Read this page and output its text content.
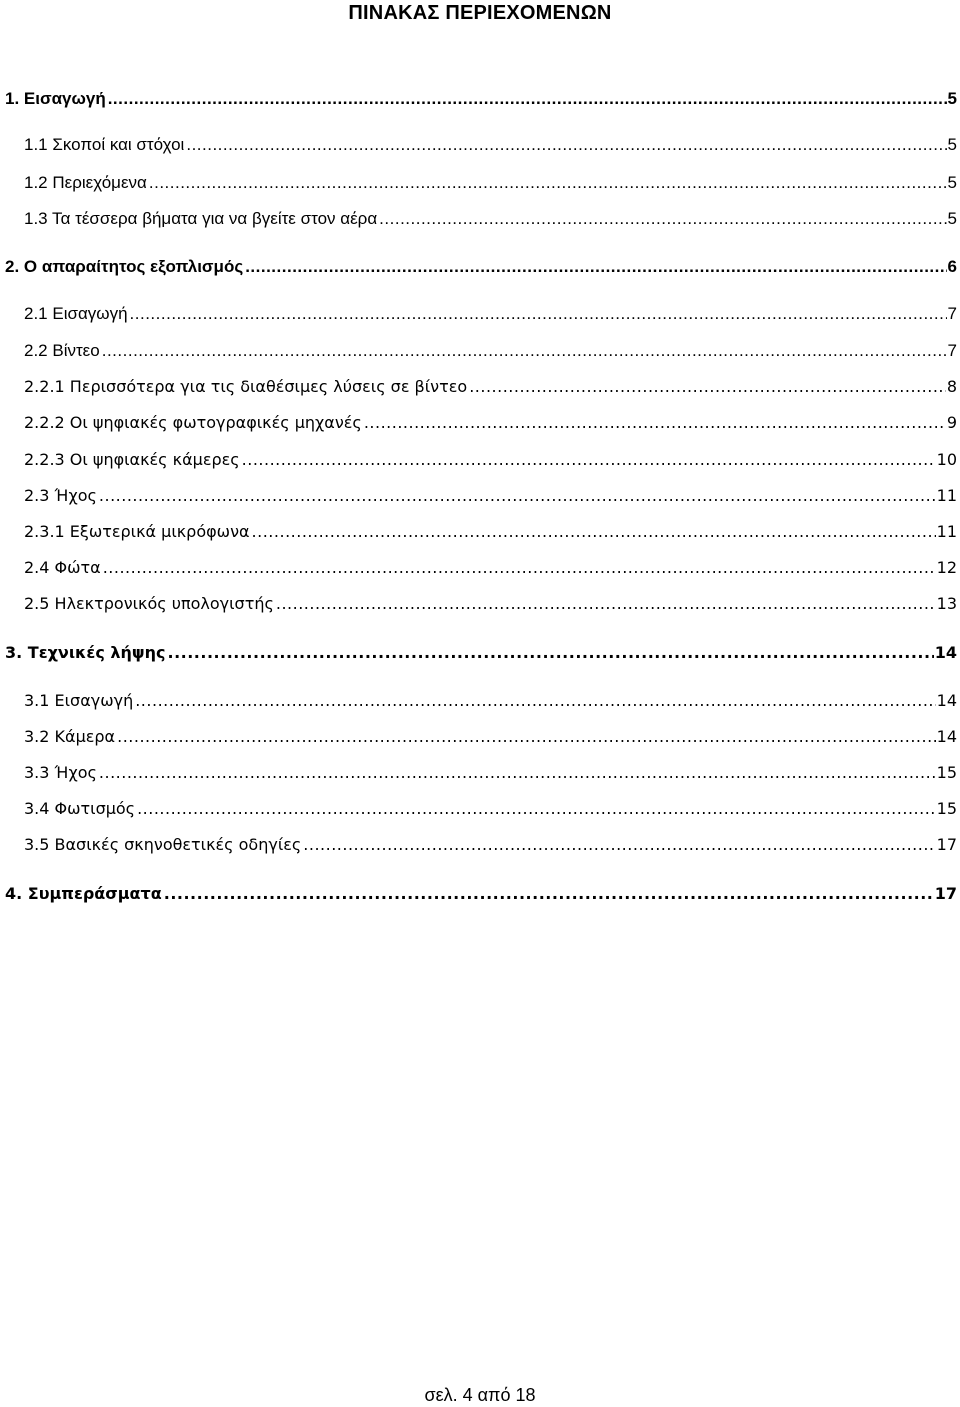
ΠΙΝΑΚΑΣ ΠΕΡΙΕΧΟΜΕΝΩΝ
1. Εισαγωγή .....	5
1.1 Σκοποί και στόχοι .....	5
1.2 Περιεχόμενα .....	5
1.3 Τα τέσσερα βήματα για να βγείτε στον αέρα .....	5
2. Ο απαραίτητος εξοπλισμός .....	6
2.1 Εισαγωγή .....	7
2.2 Βίντεο .....	7
2.2.1 Περισσότερα για τις διαθέσιμες λύσεις σε βίντεο .....	8
2.2.2 Οι ψηφιακές φωτογραφικές μηχανές .....	9
2.2.3 Οι ψηφιακές κάμερες .....	10
2.3 Ήχος .....	11
2.3.1 Εξωτερικά μικρόφωνα .....	11
2.4 Φώτα .....	12
2.5 Ηλεκτρονικός υπολογιστής .....	13
3. Τεχνικές λήψης .....	14
3.1 Εισαγωγή .....	14
3.2 Κάμερα .....	14
3.3 Ήχος .....	15
3.4 Φωτισμός .....	15
3.5 Βασικές σκηνοθετικές οδηγίες .....	17
4. Συμπεράσματα .....	17
σελ. 4 από 18
